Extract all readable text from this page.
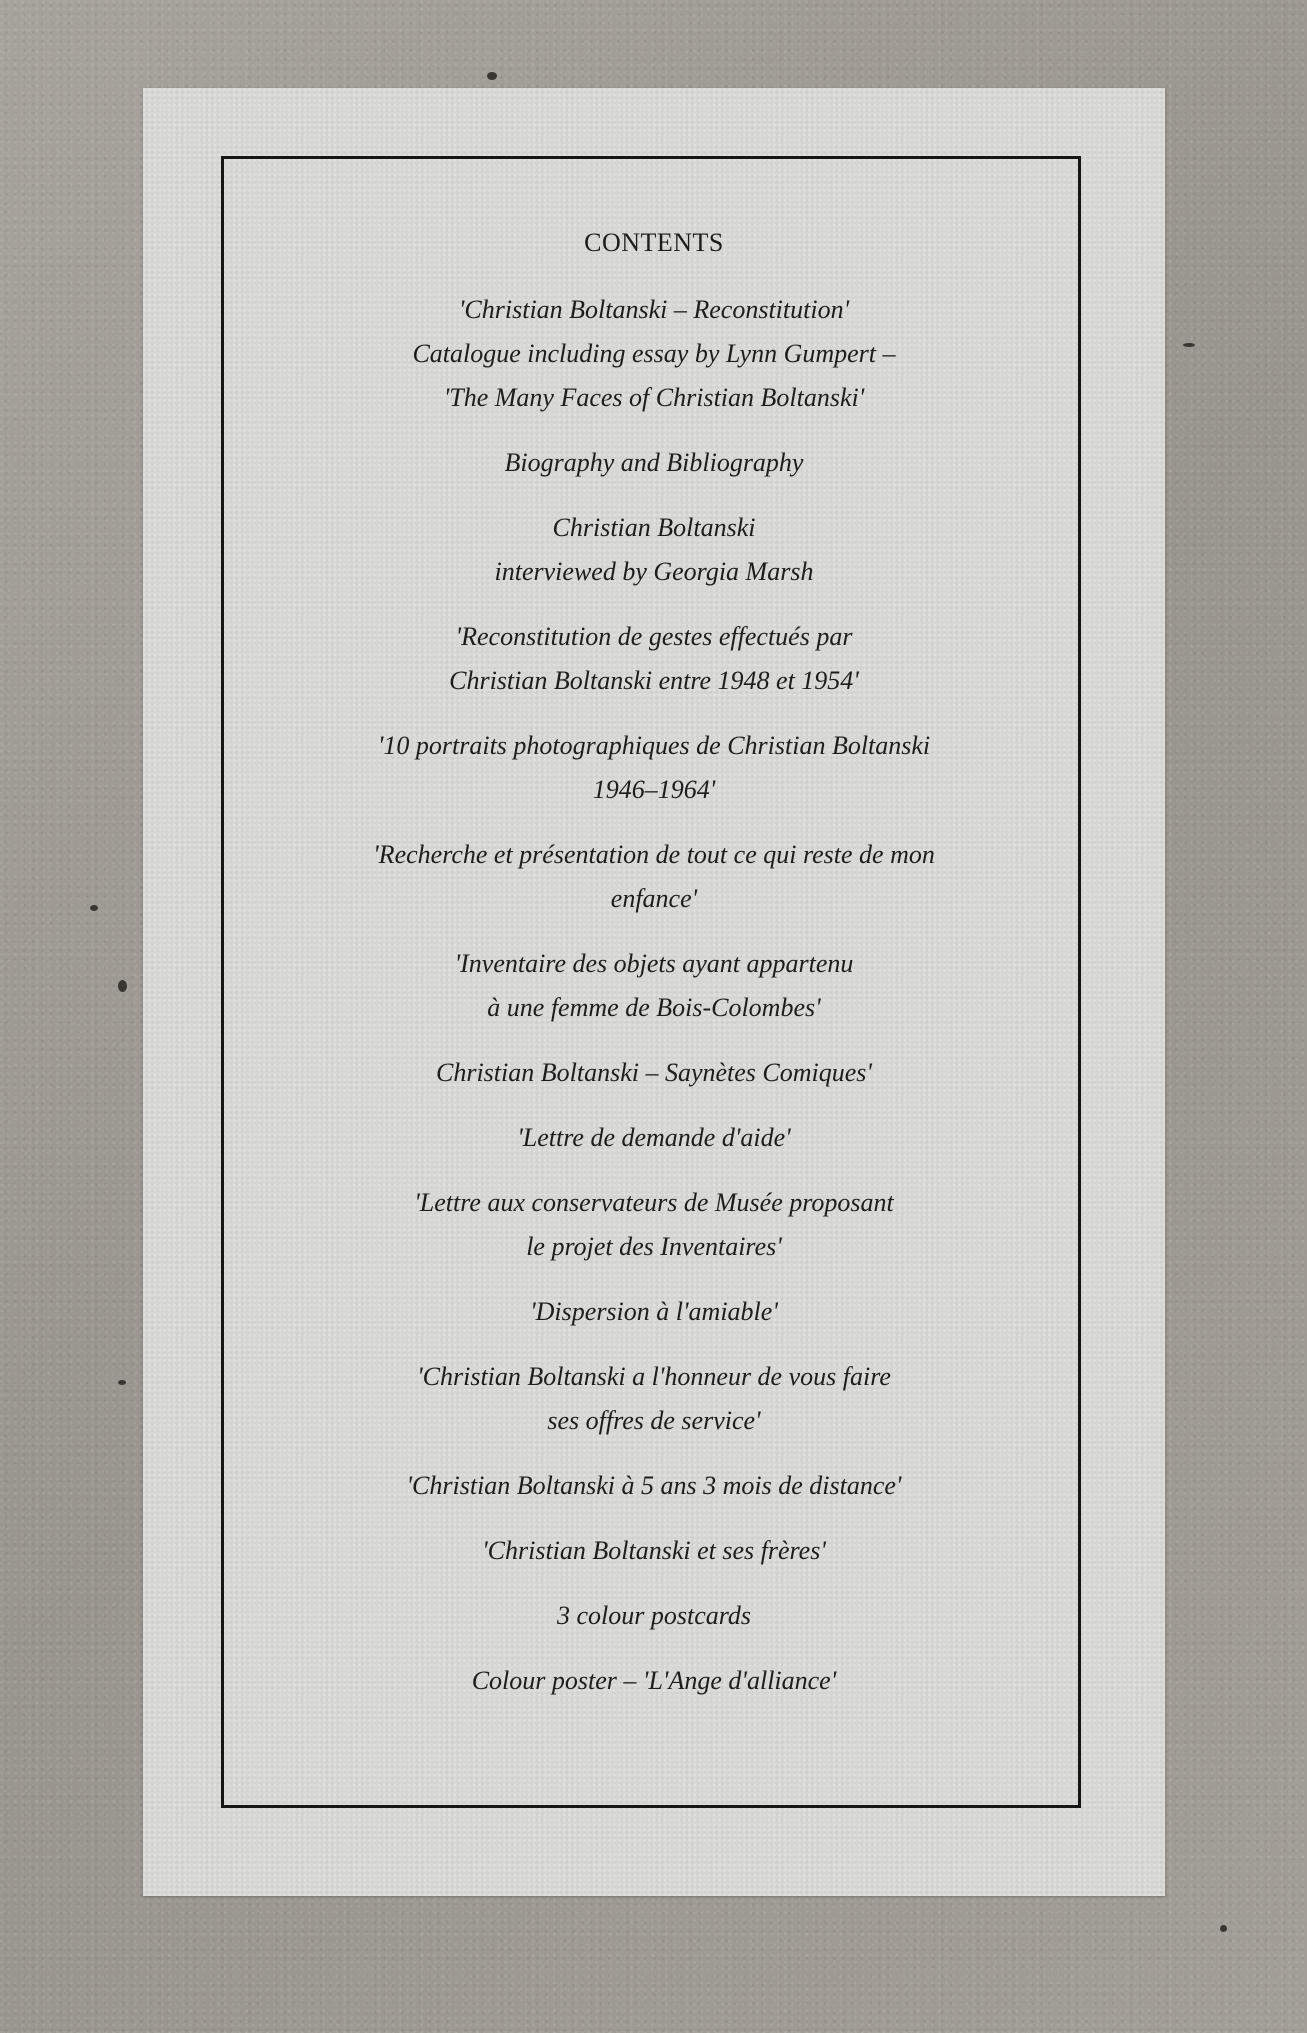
CONTENTS

'Christian Boltanski – Reconstitution'
Catalogue including essay by Lynn Gumpert –
'The Many Faces of Christian Boltanski'

Biography and Bibliography

Christian Boltanski
interviewed by Georgia Marsh

'Reconstitution de gestes effectués par
Christian Boltanski entre 1948 et 1954'

'10 portraits photographiques de Christian Boltanski
1946–1964'

'Recherche et présentation de tout ce qui reste de mon
enfance'

'Inventaire des objets ayant appartenu
à une femme de Bois-Colombes'

Christian Boltanski – Saynètes Comiques'

'Lettre de demande d'aide'

'Lettre aux conservateurs de Musée proposant
le projet des Inventaires'

'Dispersion à l'amiable'

'Christian Boltanski a l'honneur de vous faire
ses offres de service'

'Christian Boltanski à 5 ans 3 mois de distance'

'Christian Boltanski et ses frères'

3 colour postcards

Colour poster – 'L'Ange d'alliance'
